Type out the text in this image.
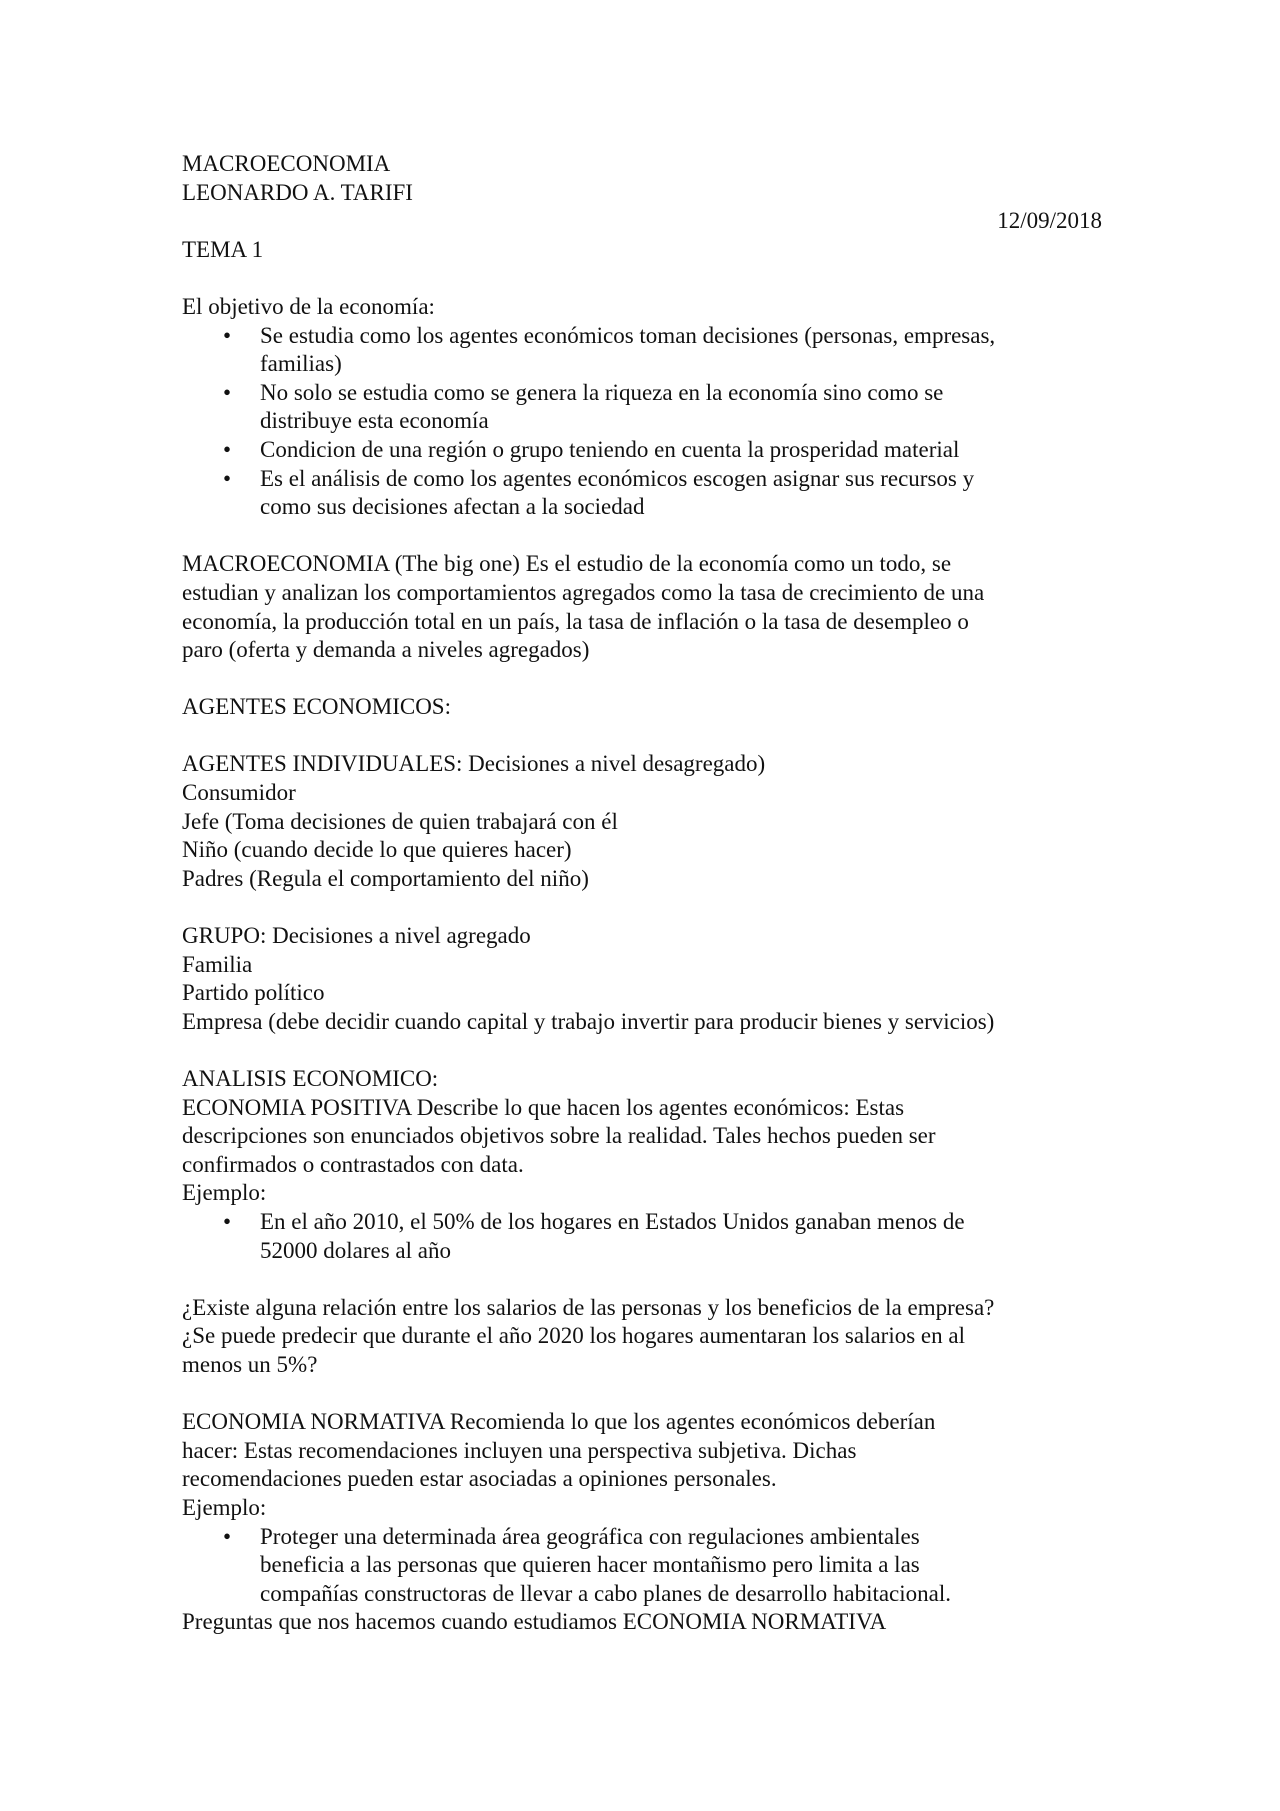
MACROECONOMIA
LEONARDO A. TARIFI
12/09/2018
TEMA 1
El objetivo de la economía:
• Se estudia como los agentes económicos toman decisiones (personas, empresas,
familias)
• No solo se estudia como se genera la riqueza en la economía sino como se
distribuye esta economía
• Condicion de una región o grupo teniendo en cuenta la prosperidad material
• Es el análisis de como los agentes económicos escogen asignar sus recursos y
como sus decisiones afectan a la sociedad
MACROECONOMIA (The big one) Es el estudio de la economía como un todo, se
estudian y analizan los comportamientos agregados como la tasa de crecimiento de una
economía, la producción total en un país, la tasa de inflación o la tasa de desempleo o
paro (oferta y demanda a niveles agregados)
AGENTES ECONOMICOS:
AGENTES INDIVIDUALES: Decisiones a nivel desagregado)
Consumidor
Jefe (Toma decisiones de quien trabajará con él
Niño (cuando decide lo que quieres hacer)
Padres (Regula el comportamiento del niño)
GRUPO: Decisiones a nivel agregado
Familia
Partido político
Empresa (debe decidir cuando capital y trabajo invertir para producir bienes y servicios)
ANALISIS ECONOMICO:
ECONOMIA POSITIVA Describe lo que hacen los agentes económicos: Estas
descripciones son enunciados objetivos sobre la realidad. Tales hechos pueden ser
confirmados o contrastados con data.
Ejemplo:
• En el año 2010, el 50% de los hogares en Estados Unidos ganaban menos de
52000 dolares al año
¿Existe alguna relación entre los salarios de las personas y los beneficios de la empresa?
¿Se puede predecir que durante el año 2020 los hogares aumentaran los salarios en al
menos un 5%?
ECONOMIA NORMATIVA Recomienda lo que los agentes económicos deberían
hacer: Estas recomendaciones incluyen una perspectiva subjetiva. Dichas
recomendaciones pueden estar asociadas a opiniones personales.
Ejemplo:
• Proteger una determinada área geográfica con regulaciones ambientales
beneficia a las personas que quieren hacer montañismo pero limita a las
compañías constructoras de llevar a cabo planes de desarrollo habitacional.
Preguntas que nos hacemos cuando estudiamos ECONOMIA NORMATIVA
